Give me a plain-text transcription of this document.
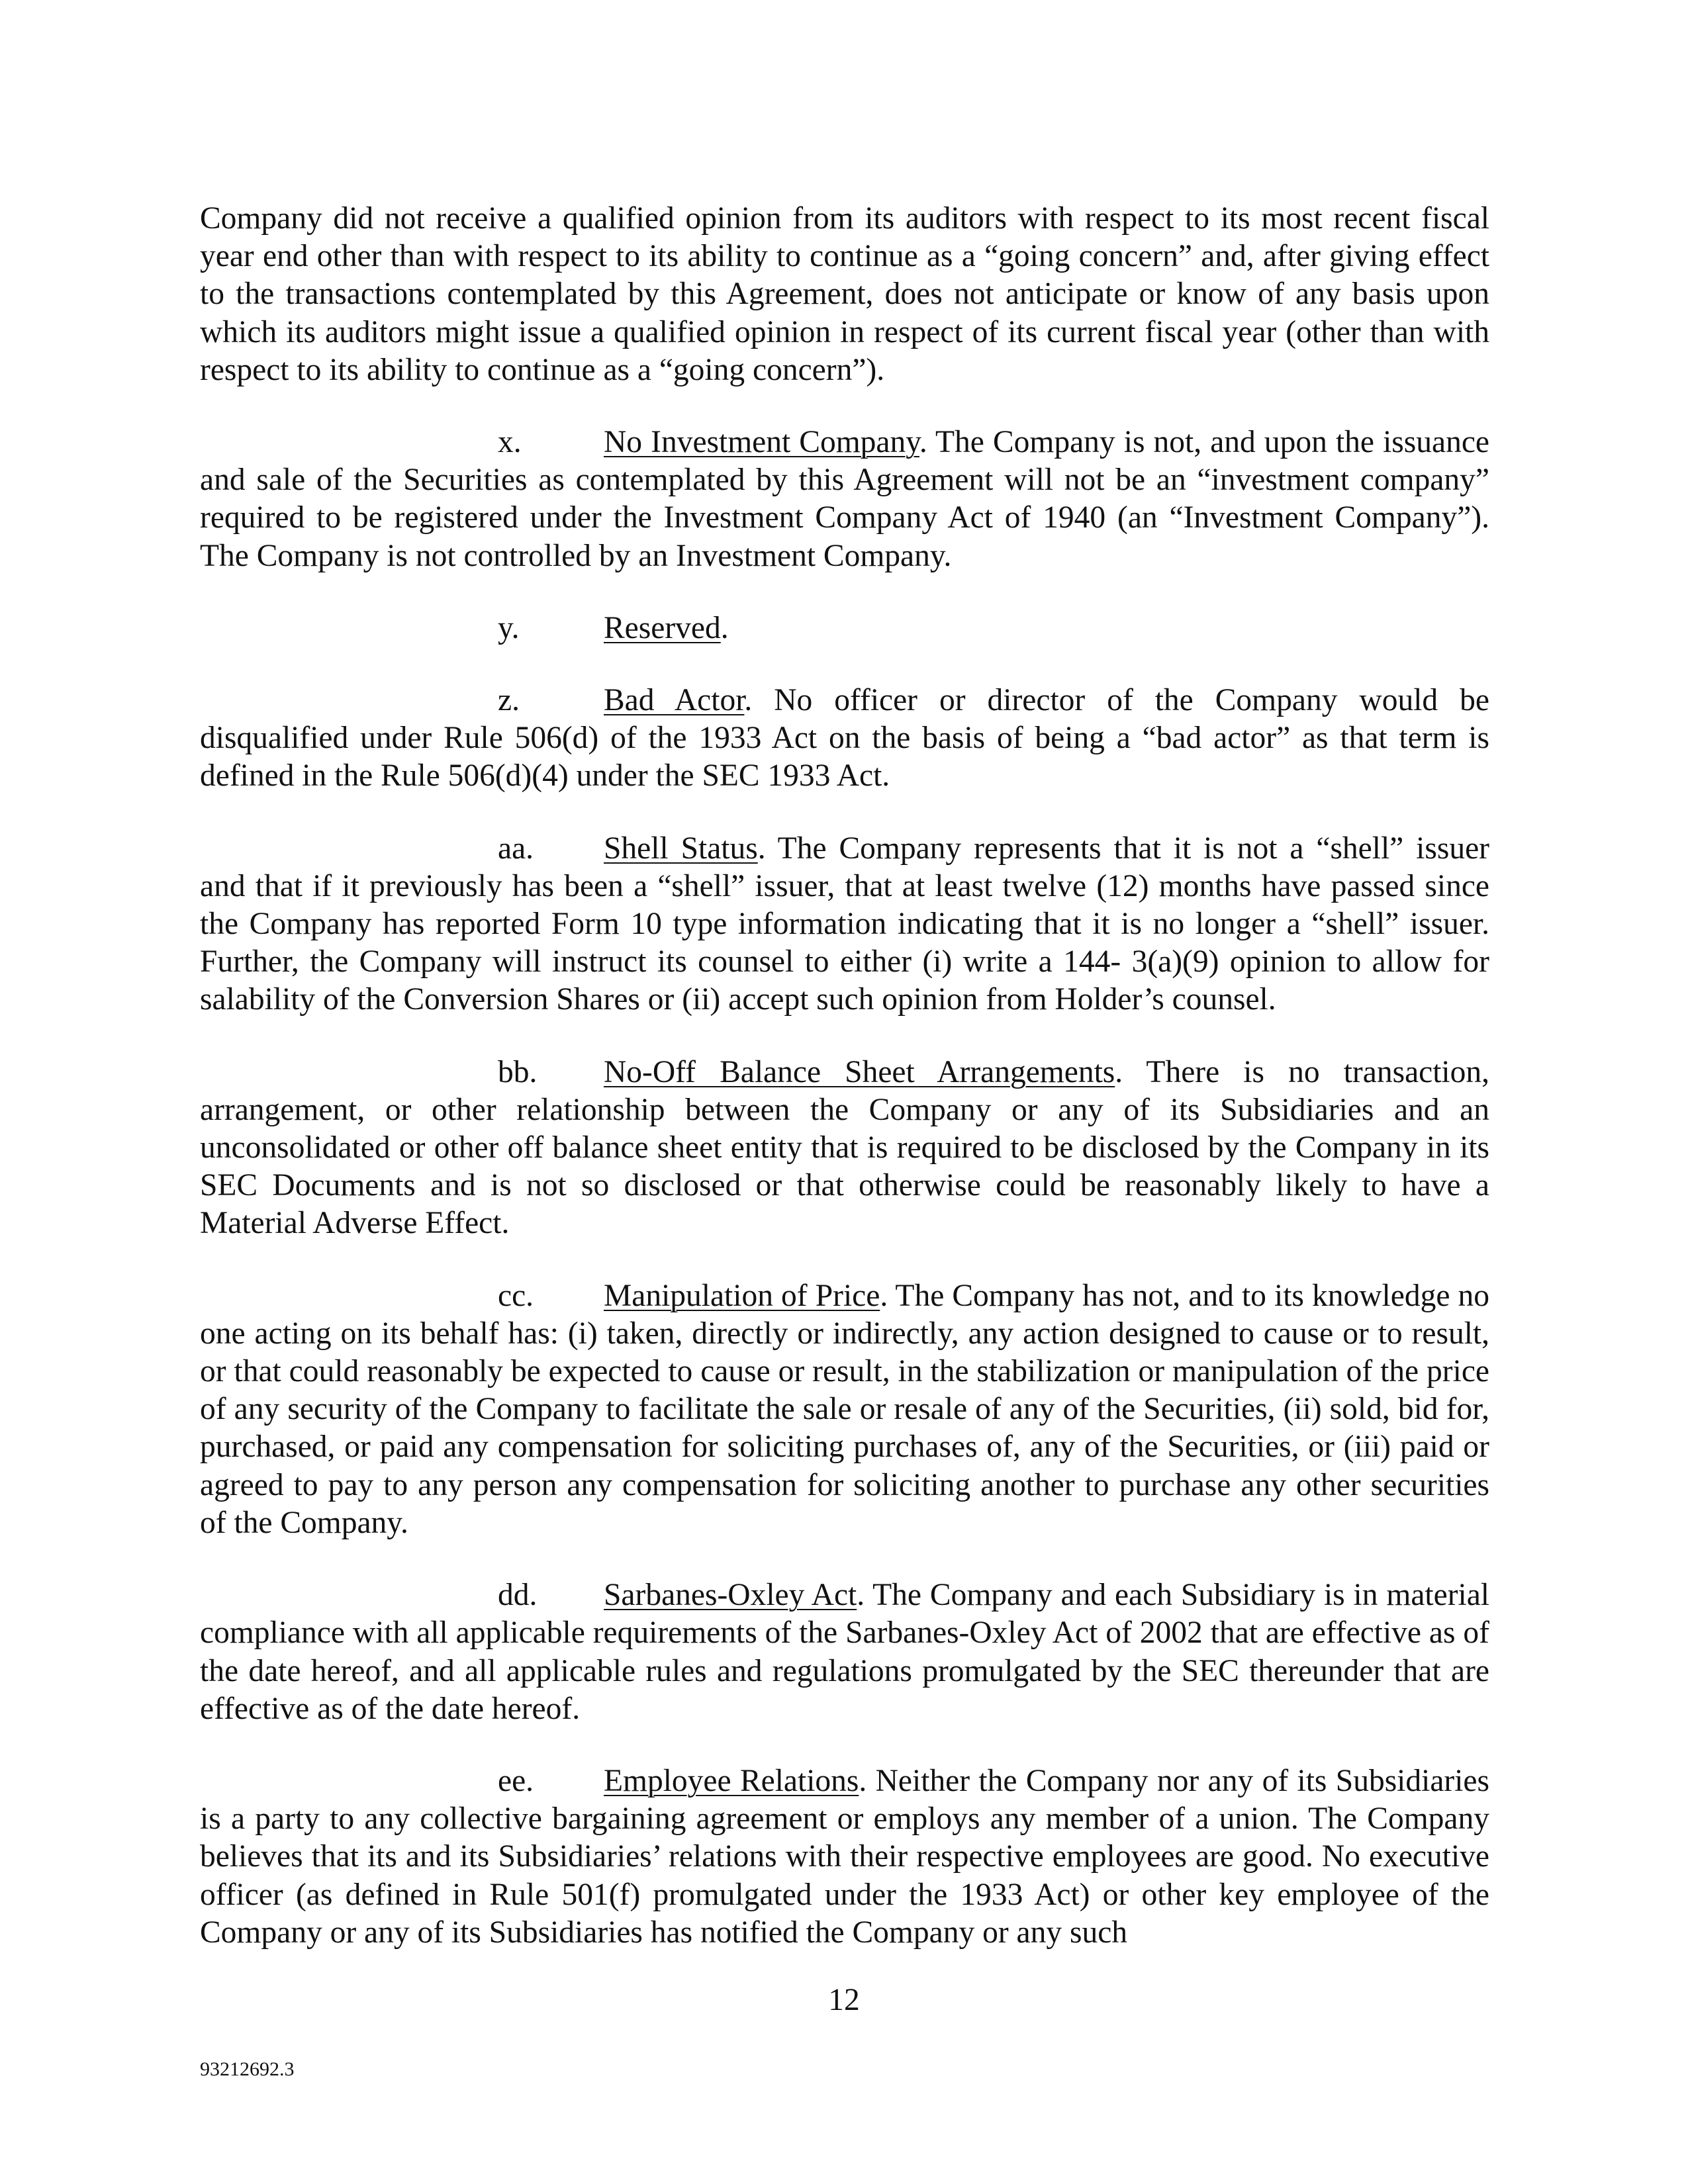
Company did not receive a qualified opinion from its auditors with respect to its most recent fiscal year end other than with respect to its ability to continue as a “going concern” and, after giving effect to the transactions contemplated by this Agreement, does not anticipate or know of any basis upon which its auditors might issue a qualified opinion in respect of its current fiscal year (other than with respect to its ability to continue as a “going concern”).

x.	No Investment Company. The Company is not, and upon the issuance and sale of the Securities as contemplated by this Agreement will not be an “investment company” required to be registered under the Investment Company Act of 1940 (an “Investment Company”). The Company is not controlled by an Investment Company.

y.	Reserved.

z.	Bad Actor. No officer or director of the Company would be disqualified under Rule 506(d) of the 1933 Act on the basis of being a “bad actor” as that term is defined in the Rule 506(d)(4) under the SEC 1933 Act.

aa. Shell Status. The Company represents that it is not a “shell” issuer and that if it previously has been a “shell” issuer, that at least twelve (12) months have passed since the Company has reported Form 10 type information indicating that it is no longer a “shell” issuer. Further, the Company will instruct its counsel to either (i) write a 144- 3(a)(9) opinion to allow for salability of the Conversion Shares or (ii) accept such opinion from Holder’s counsel.

bb. No-Off Balance Sheet Arrangements. There is no transaction, arrangement, or other relationship between the Company or any of its Subsidiaries and an unconsolidated or other off balance sheet entity that is required to be disclosed by the Company in its SEC Documents and is not so disclosed or that otherwise could be reasonably likely to have a Material Adverse Effect.

cc. Manipulation of Price. The Company has not, and to its knowledge no one acting on its behalf has: (i) taken, directly or indirectly, any action designed to cause or to result, or that could reasonably be expected to cause or result, in the stabilization or manipulation of the price of any security of the Company to facilitate the sale or resale of any of the Securities, (ii) sold, bid for, purchased, or paid any compensation for soliciting purchases of, any of the Securities, or (iii) paid or agreed to pay to any person any compensation for soliciting another to purchase any other securities of the Company.

dd. Sarbanes-Oxley Act. The Company and each Subsidiary is in material compliance with all applicable requirements of the Sarbanes-Oxley Act of 2002 that are effective as of the date hereof, and all applicable rules and regulations promulgated by the SEC thereunder that are effective as of the date hereof.

ee. Employee Relations. Neither the Company nor any of its Subsidiaries is a party to any collective bargaining agreement or employs any member of a union. The Company believes that its and its Subsidiaries’ relations with their respective employees are good. No executive officer (as defined in Rule 501(f) promulgated under the 1933 Act) or other key employee of the Company or any of its Subsidiaries has notified the Company or any such

12
93212692.3
